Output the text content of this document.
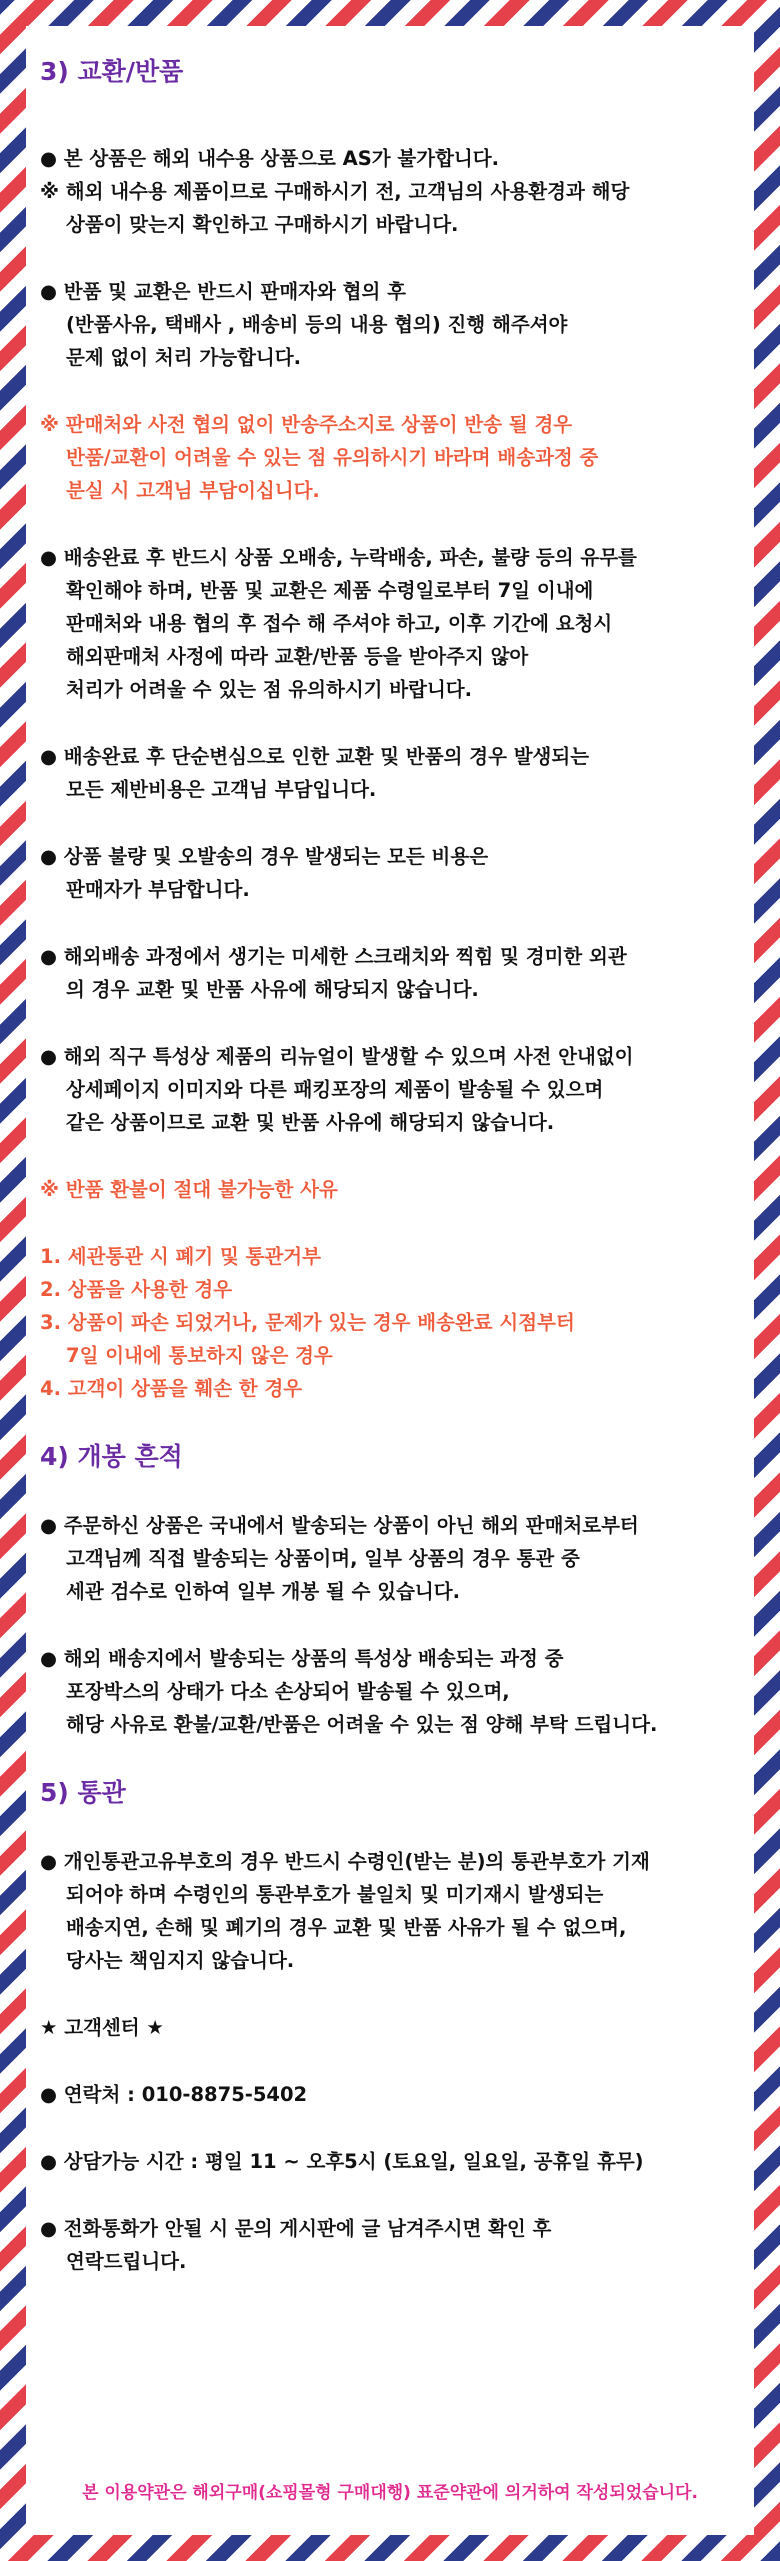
3) 교환/반품

● 본 상품은 해외 내수용 상품으로 AS가 불가합니다.

※ 해외 내수용 제품이므로 구매하시기 전, 고객님의 사용환경과 해당

상품이 맞는지 확인하고 구매하시기 바랍니다.

● 반품 및 교환은 반드시 판매자와 협의 후

(반품사유, 택배사 , 배송비 등의 내용 협의) 진행 해주셔야

문제 없이 처리 가능합니다.

※ 판매처와 사전 협의 없이 반송주소지로 상품이 반송 될 경우

반품/교환이 어려울 수 있는 점 유의하시기 바라며 배송과정 중

분실 시 고객님 부담이십니다.

● 배송완료 후 반드시 상품 오배송, 누락배송, 파손, 불량 등의 유무를

확인해야 하며, 반품 및 교환은 제품 수령일로부터 7일 이내에

판매처와 내용 협의 후 접수 해 주셔야 하고, 이후 기간에 요청시

해외판매처 사정에 따라 교환/반품 등을 받아주지 않아

처리가 어려울 수 있는 점 유의하시기 바랍니다.

● 배송완료 후 단순변심으로 인한 교환 및 반품의 경우 발생되는

모든 제반비용은 고객님 부담입니다.

● 상품 불량 및 오발송의 경우 발생되는 모든 비용은

판매자가 부담합니다.

● 해외배송 과정에서 생기는 미세한 스크래치와 찍힘 및 경미한 외관

의 경우 교환 및 반품 사유에 해당되지 않습니다.

● 해외 직구 특성상 제품의 리뉴얼이 발생할 수 있으며 사전 안내없이

상세페이지 이미지와 다른 패킹포장의 제품이 발송될 수 있으며

같은 상품이므로 교환 및 반품 사유에 해당되지 않습니다.

※ 반품 환불이 절대 불가능한 사유

1. 세관통관 시 폐기 및 통관거부

2. 상품을 사용한 경우

3. 상품이 파손 되었거나, 문제가 있는 경우 배송완료 시점부터

7일 이내에 통보하지 않은 경우

4. 고객이 상품을 훼손 한 경우

4) 개봉 흔적

● 주문하신 상품은 국내에서 발송되는 상품이 아닌 해외 판매처로부터

고객님께 직접 발송되는 상품이며, 일부 상품의 경우 통관 중

세관 검수로 인하여 일부 개봉 될 수 있습니다.

● 해외 배송지에서 발송되는 상품의 특성상 배송되는 과정 중

포장박스의 상태가 다소 손상되어 발송될 수 있으며,

해당 사유로 환불/교환/반품은 어려울 수 있는 점 양해 부탁 드립니다.

5) 통관

● 개인통관고유부호의 경우 반드시 수령인(받는 분)의 통관부호가 기재

되어야 하며 수령인의 통관부호가 불일치 및 미기재시 발생되는

배송지연, 손해 및 폐기의 경우 교환 및 반품 사유가 될 수 없으며,

당사는 책임지지 않습니다.

★ 고객센터 ★

● 연락처 : 010-8875-5402

● 상담가능 시간 : 평일 11 ~ 오후5시 (토요일, 일요일, 공휴일 휴무)

● 전화통화가 안될 시 문의 게시판에 글 남겨주시면 확인 후

연락드립니다.

본 이용약관은 해외구매(쇼핑몰형 구매대행) 표준약관에 의거하여 작성되었습니다.
